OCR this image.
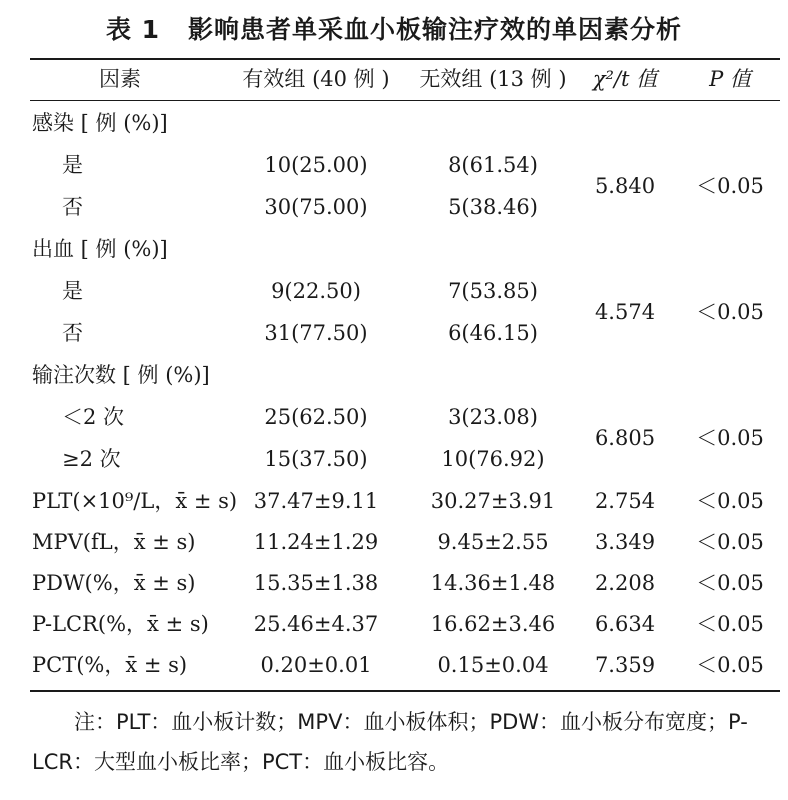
表 1 影响患者单采血小板输注疗效的单因素分析
因素	有效组 (40 例 )	无效组 (13 例 )	χ²/t 值	P 值
感染 [ 例 (%)]
是	10(25.00)	8(61.54)
否	30(75.00)	5(38.46)
5.840	＜0.05
出血 [ 例 (%)]
是	9(22.50)	7(53.85)
否	31(77.50)	6(46.15)
4.574	＜0.05
输注次数 [ 例 (%)]
＜2 次	25(62.50)	3(23.08)
≥2 次	15(37.50)	10(76.92)
6.805	＜0.05
PLT(×10⁹/L，x̄ ± s) 37.47±9.11	30.27±3.91	2.754	＜0.05
MPV(fL，x̄ ± s)	11.24±1.29	9.45±2.55	3.349	＜0.05
PDW(%，x̄ ± s)	15.35±1.38	14.36±1.48	2.208	＜0.05
P-LCR(%，x̄ ± s)	25.46±4.37	16.62±3.46	6.634	＜0.05
PCT(%，x̄ ± s)	0.20±0.01	0.15±0.04	7.359	＜0.05
注：PLT：血小板计数；MPV：血小板体积；PDW：血小板分布宽度；P-LCR：大型血小板比率；PCT：血小板比容。
